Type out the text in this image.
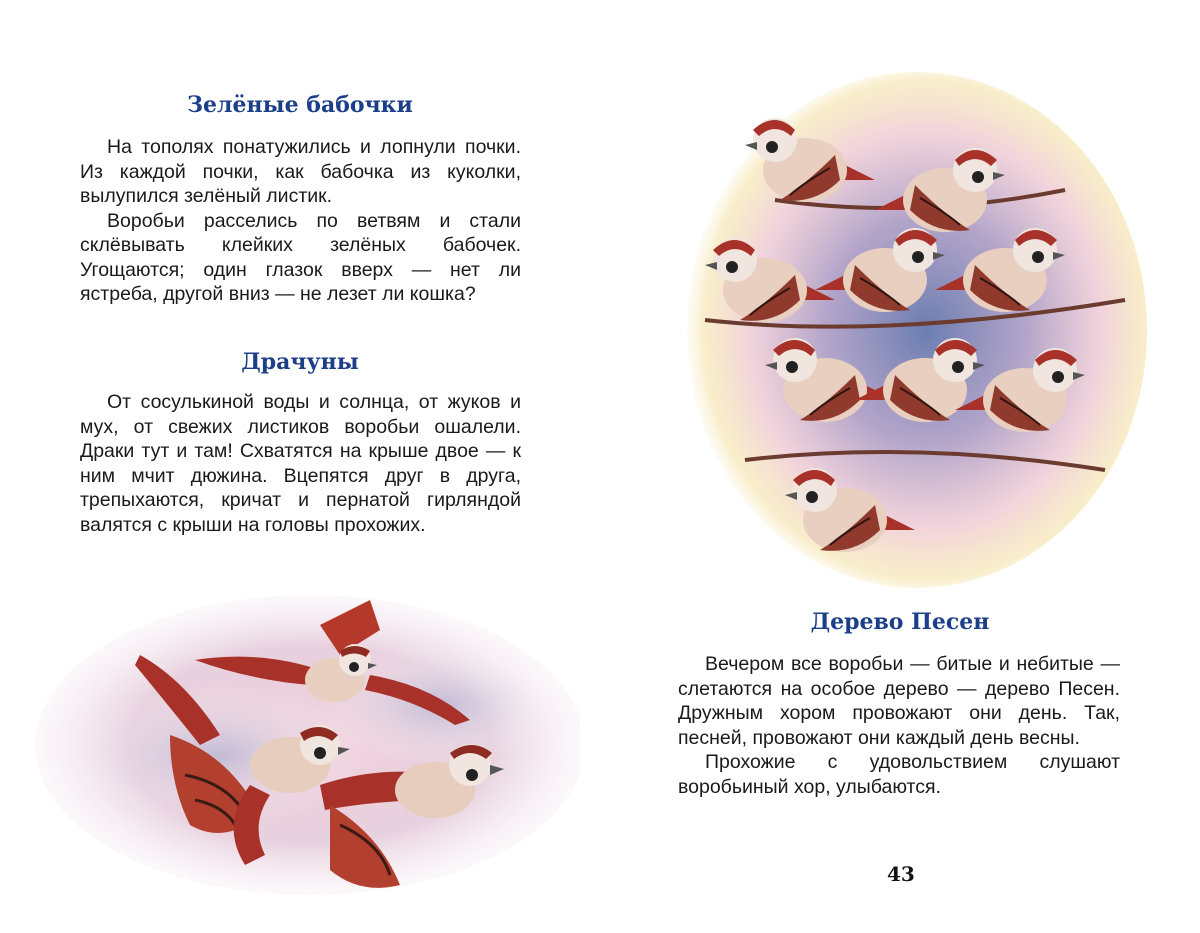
Зелёные бабочки

На тополях понатужились и лопнули почки. Из каждой почки, как бабочка из куколки, вылупился зелёный листик.

Воробьи расселись по ветвям и стали склёвывать клейких зелёных бабочек. Угощаются; один глазок вверх — нет ли ястреба, другой вниз — не лезет ли кошка?

Драчуны

От сосулькиной воды и солнца, от жуков и мух, от свежих листиков воробьи ошалели. Драки тут и там! Схватятся на крыше двое — к ним мчит дюжина. Вцепятся друг в друга, трепыхаются, кричат и пернатой гирляндой валятся с крыши на головы прохожих.

Дерево Песен

Вечером все воробьи — битые и небитые — слетаются на особое дерево — дерево Песен. Дружным хором провожают они день. Так, песней, провожают они каждый день весны.

Прохожие с удовольствием слушают воробьиный хор, улыбаются.

43
